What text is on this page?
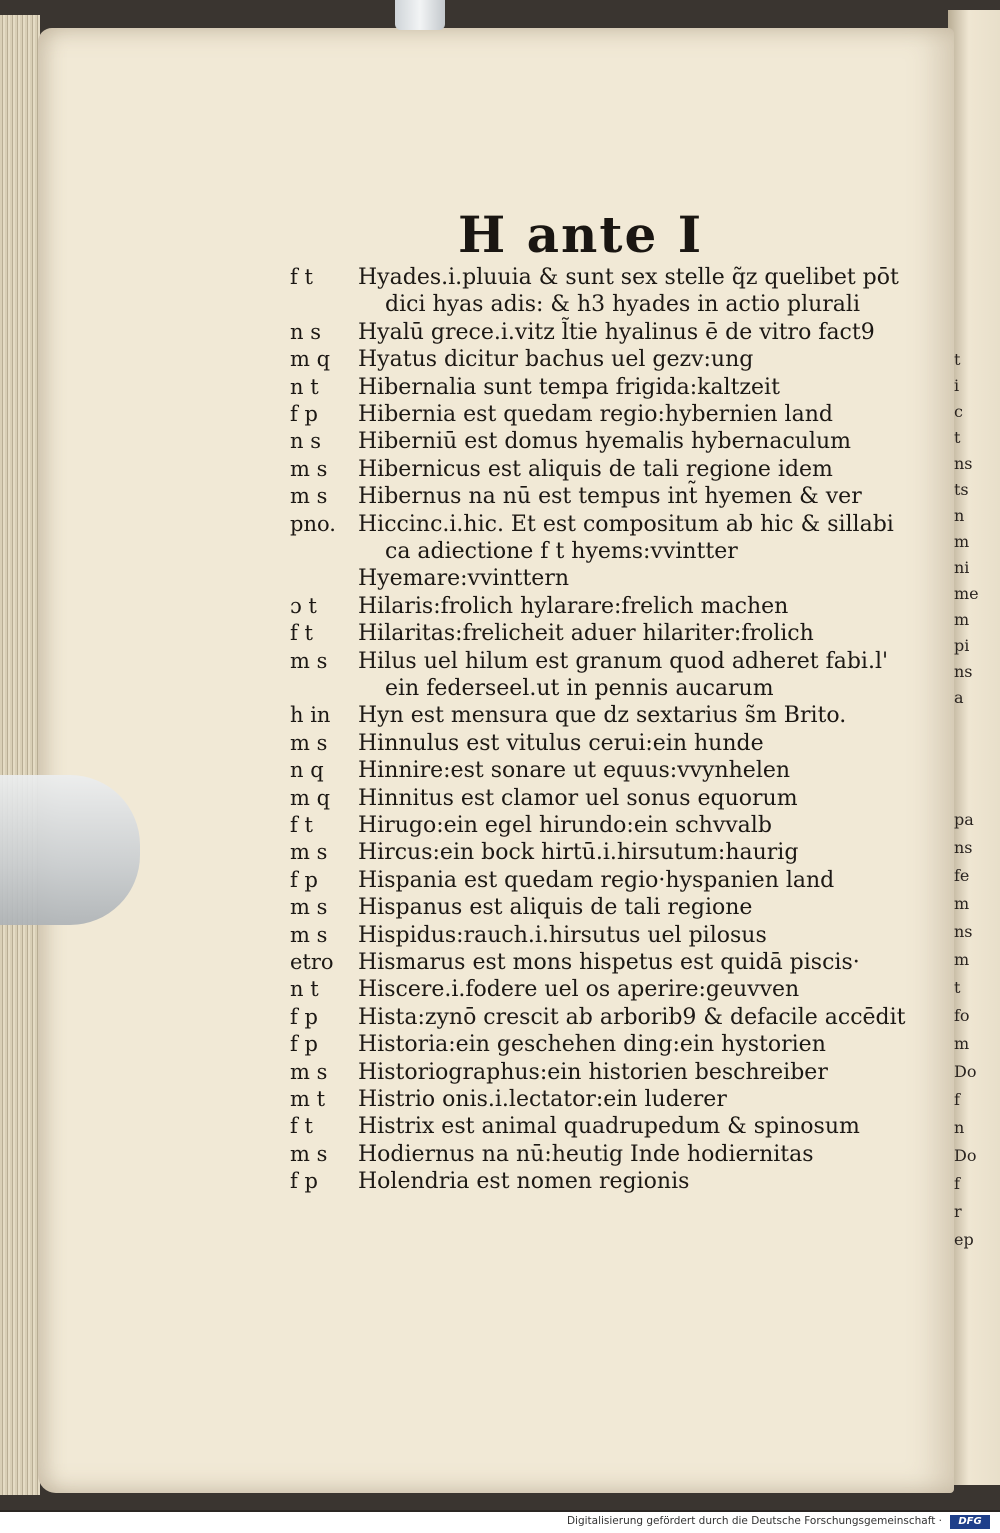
t
i
c
t
ns
ts
n
m
ni
me
m
pi
ns
a
pa
ns
fe
m
ns
m
t
fo
m
Do
f
n
Do
f
r
ep
H ante I
f t Hyades.i.pluuia & sunt sex stelle q̃z quelibet pōt
dici hyas adis: & h3 hyades in actio plurali
n s Hyalū grece.i.vitz l̃tie hyalinus ē de vitro fact9
m q Hyatus dicitur bachus uel gezv:ung
n t Hibernalia sunt tempa frigida:kaltzeit
f p Hibernia est quedam regio:hybernien land
n s Hiberniū est domus hyemalis hybernaculum
m s Hibernicus est aliquis de tali regione idem
m s Hibernus na nū est tempus int̃ hyemen & ver
pno. Hiccinc.i.hic. Et est compositum ab hic & sillabi
ca adiectione f t hyems:vvintter
Hyemare:vvinttern
ɔ t Hilaris:frolich hylarare:frelich machen
f t Hilaritas:frelicheit aduer hilariter:frolich
m s Hilus uel hilum est granum quod adheret fabi.l'
ein federseel.ut in pennis aucarum
h in Hyn est mensura que dz sextarius s̃m Brito.
m s Hinnulus est vitulus cerui:ein hunde
n q Hinnire:est sonare ut equus:vvynhelen
m q Hinnitus est clamor uel sonus equorum
f t Hirugo:ein egel hirundo:ein schvvalb
m s Hircus:ein bock hirtū.i.hirsutum:haurig
f p Hispania est quedam regio·hyspanien land
m s Hispanus est aliquis de tali regione
m s Hispidus:rauch.i.hirsutus uel pilosus
etro Hismarus est mons hispetus est quidā piscis·
n t Hiscere.i.fodere uel os aperire:geuvven
f p Hista:zynō crescit ab arborib9 & defacile accēdit
f p Historia:ein geschehen ding:ein hystorien
m s Historiographus:ein historien beschreiber
m t Histrio onis.i.lectator:ein luderer
f t Histrix est animal quadrupedum & spinosum
m s Hodiernus na nū:heutig Inde hodiernitas
f p Holendria est nomen regionis
Digitalisierung gefördert durch die Deutsche Forschungsgemeinschaft ·	DFG
